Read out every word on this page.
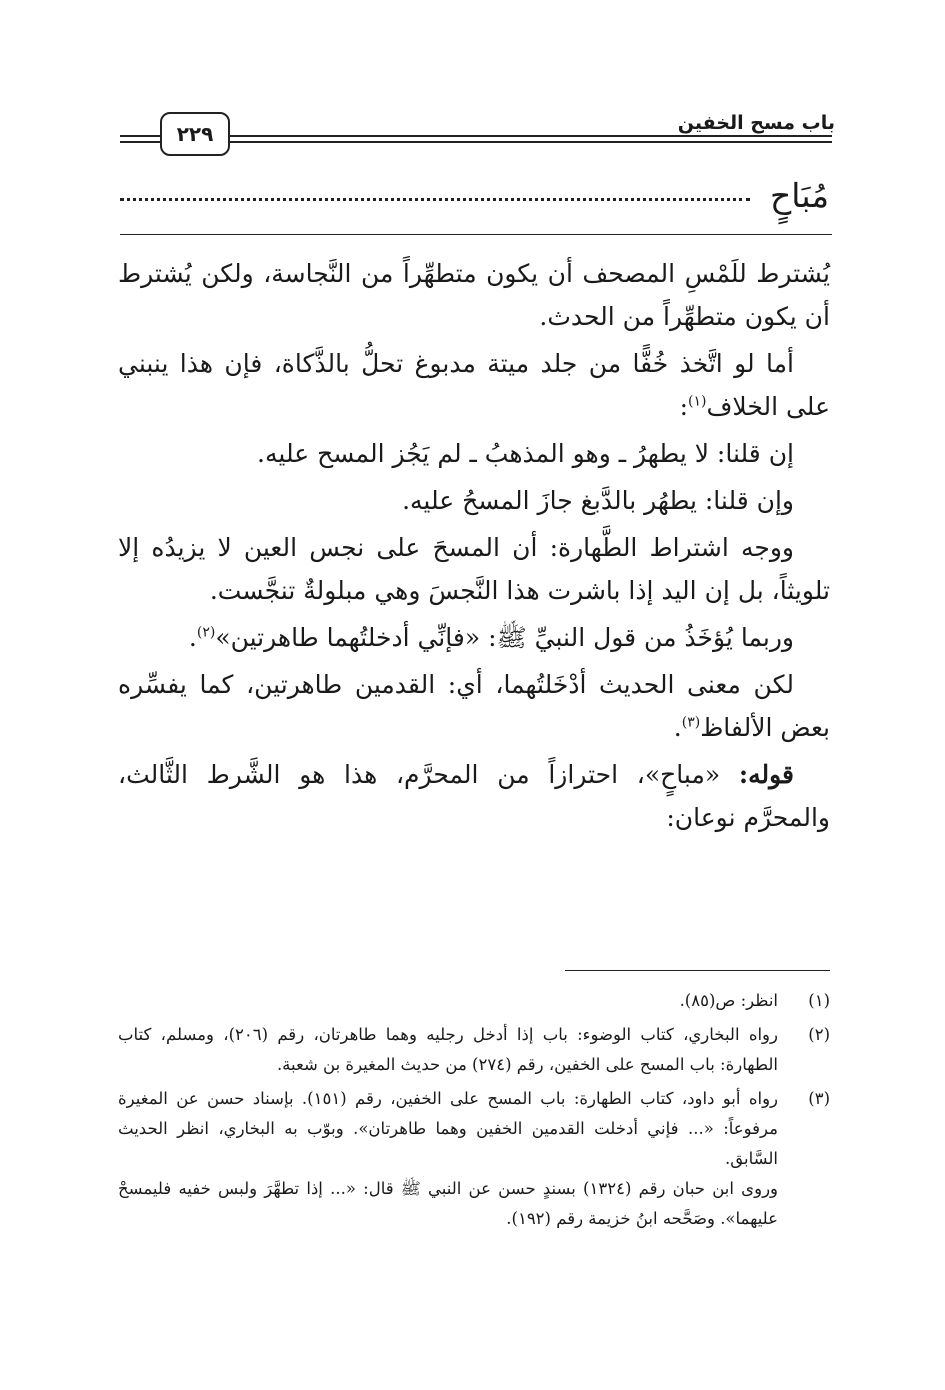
باب مسح الخفين
٢٢٩
مُبَاحٍ

يُشترط للَمْسِ المصحف أن يكون متطهِّراً من النَّجاسة، ولكن يُشترط أن يكون متطهِّراً من الحدث.

أما لو اتَّخذ خُفًّا من جلد ميتة مدبوغ تحلُّ بالذَّكاة، فإن هذا ينبني على الخلاف$^{(١)}$:

إن قلنا: لا يطهرُ ـ وهو المذهبُ ـ لم يَجُز المسح عليه.

وإن قلنا: يطهُر بالدَّبغ جازَ المسحُ عليه.

ووجه اشتراط الطَّهارة: أن المسحَ على نجس العين لا يزيدُه إلا تلويثاً، بل إن اليد إذا باشرت هذا النَّجسَ وهي مبلولةٌ تنجَّست.

وربما يُؤخَذُ من قول النبيِّ ﷺ: «فإنِّي أدخلتُهما طاهرتين»$^{(٢)}$.

لكن معنى الحديث أدْخَلتُهما، أي: القدمين طاهرتين، كما يفسِّره بعض الألفاظ$^{(٣)}$.

قوله: «مباحٍ»، احترازاً من المحرَّم، هذا هو الشَّرط الثَّالث، والمحرَّم نوعان:

(١)

انظر: ص(٨٥).

(٢)

رواه البخاري، كتاب الوضوء: باب إذا أدخل رجليه وهما طاهرتان، رقم (٢٠٦)، ومسلم، كتاب الطهارة: باب المسح على الخفين، رقم (٢٧٤) من حديث المغيرة بن شعبة.

(٣)

رواه أبو داود، كتاب الطهارة: باب المسح على الخفين، رقم (١٥١). بإسناد حسن عن المغيرة مرفوعاً: «... فإني أدخلت القدمين الخفين وهما طاهرتان». وبوّب به البخاري، انظر الحديث السَّابق.

وروى ابن حبان رقم (١٣٢٤) بسندٍ حسن عن النبي ﷺ قال: «... إذا تطهَّرَ ولبس خفيه فليمسحْ عليهما». وصَحَّحه ابنُ خزيمة رقم (١٩٢).
